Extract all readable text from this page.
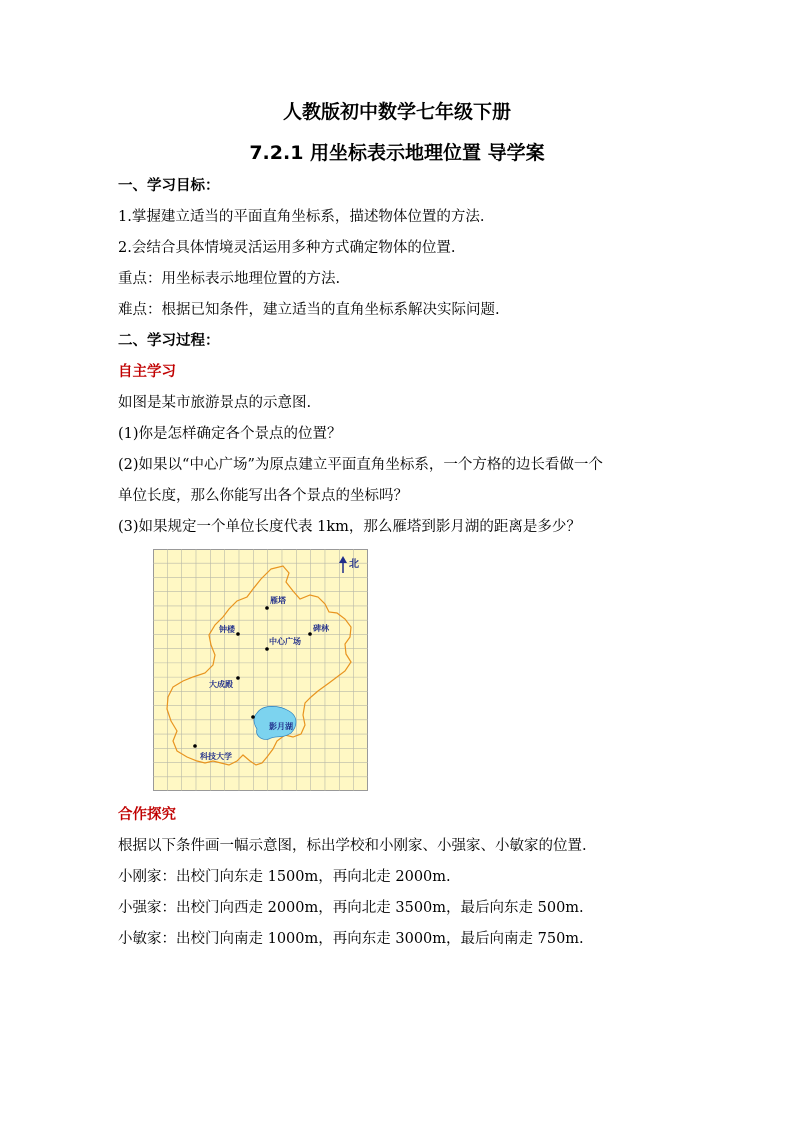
人教版初中数学七年级下册
7.2.1 用坐标表示地理位置 导学案
一、学习目标：
1.掌握建立适当的平面直角坐标系，描述物体位置的方法.
2.会结合具体情境灵活运用多种方式确定物体的位置.
重点：用坐标表示地理位置的方法.
难点：根据已知条件，建立适当的直角坐标系解决实际问题.
二、学习过程：
自主学习
如图是某市旅游景点的示意图.
(1)你是怎样确定各个景点的位置？
(2)如果以“中心广场”为原点建立平面直角坐标系，一个方格的边长看做一个
单位长度，那么你能写出各个景点的坐标吗？
(3)如果规定一个单位长度代表 1km，那么雁塔到影月湖的距离是多少？
北
雁塔
钟楼
中心广场
碑林
大成殿
影月湖
科技大学
合作探究
根据以下条件画一幅示意图，标出学校和小刚家、小强家、小敏家的位置.
小刚家：出校门向东走 1500m，再向北走 2000m.
小强家：出校门向西走 2000m，再向北走 3500m，最后向东走 500m.
小敏家：出校门向南走 1000m，再向东走 3000m，最后向南走 750m.
